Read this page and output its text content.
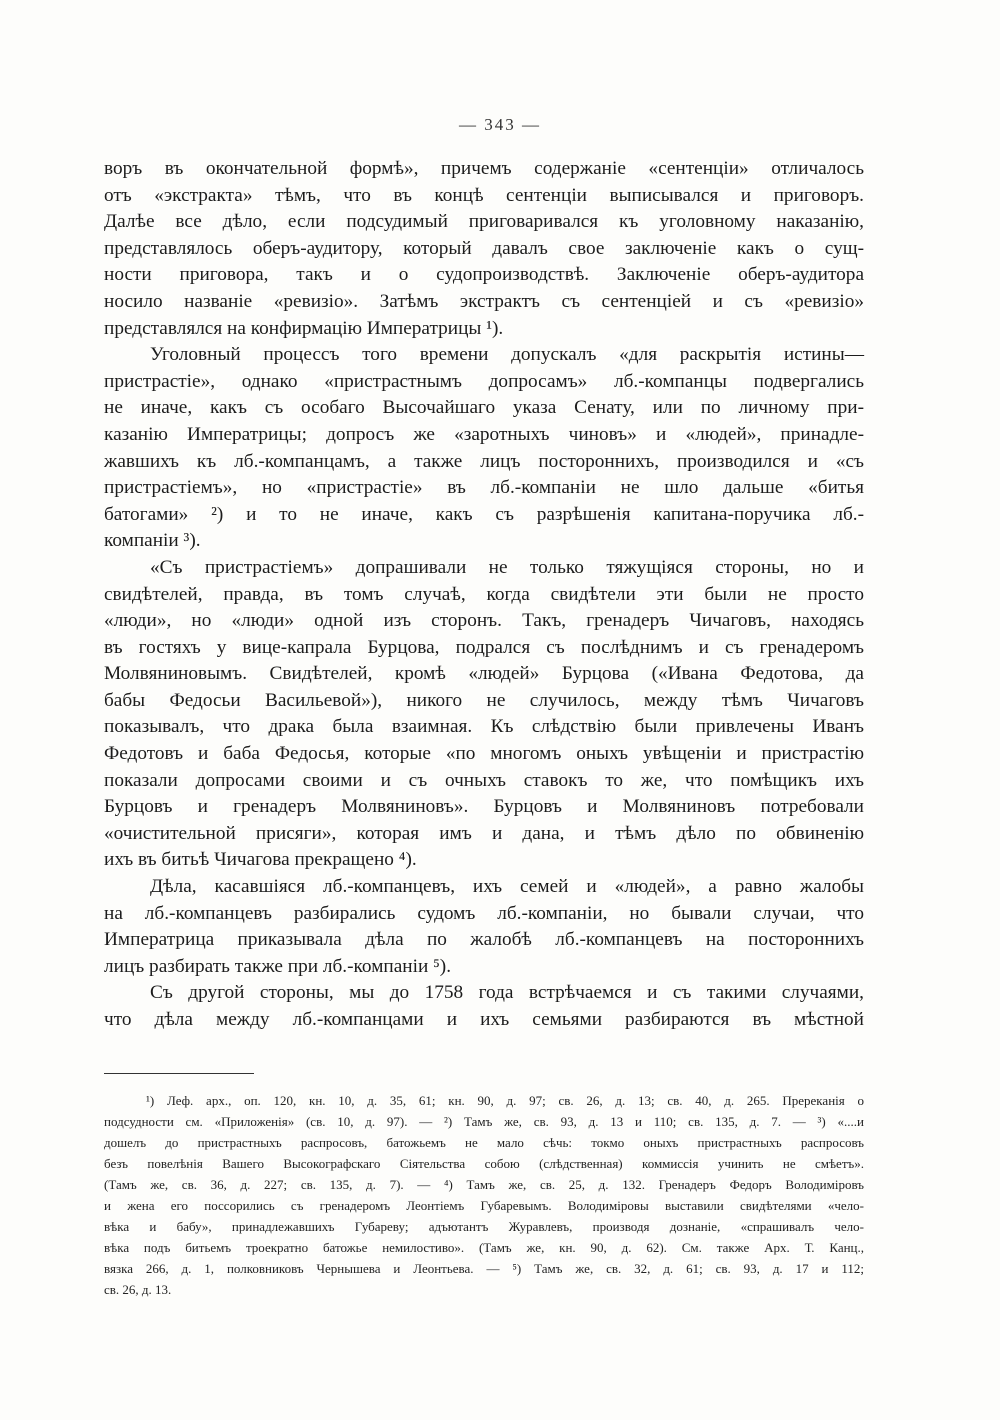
— 343 —

воръ въ окончательной формѣ», причемъ содержаніе «сентенціи» отличалось
отъ «экстракта» тѣмъ, что въ концѣ сентенціи выписывался и приговоръ.
Далѣе все дѣло, если подсудимый приговаривался къ уголовному наказанію,
представлялось оберъ-аудитору, который давалъ свое заключеніе какъ о сущ-
ности приговора, такъ и о судопроизводствѣ. Заключеніе оберъ-аудитора
носило названіе «ревизіо». Затѣмъ экстрактъ съ сентенціей и съ «ревизіо»
представлялся на конфирмацію Императрицы ¹).

Уголовный процессъ того времени допускалъ «для раскрытія истины—
пристрастіе», однако «пристрастнымъ допросамъ» лб.-компанцы подвергались
не иначе, какъ съ особаго Высочайшаго указа Сенату, или по личному при-
казанію Императрицы; допросъ же «заротныхъ чиновъ» и «людей», принадле-
жавшихъ къ лб.-компанцамъ, а также лицъ постороннихъ, производился и «съ
пристрастіемъ», но «пристрастіе» въ лб.-компаніи не шло дальше «битья
батогами» ²) и то не иначе, какъ съ разрѣшенія капитана-поручика лб.-
компаніи ³).

«Съ пристрастіемъ» допрашивали не только тяжущіяся стороны, но и
свидѣтелей, правда, въ томъ случаѣ, когда свидѣтели эти были не просто
«люди», но «люди» одной изъ сторонъ. Такъ, гренадеръ Чичаговъ, находясь
въ гостяхъ у вице-капрала Бурцова, подрался съ послѣднимъ и съ гренадеромъ
Молвяниновымъ. Свидѣтелей, кромѣ «людей» Бурцова («Ивана Федотова, да
бабы Федосьи Васильевой»), никого не случилось, между тѣмъ Чичаговъ
показывалъ, что драка была взаимная. Къ слѣдствію были привлечены Иванъ
Федотовъ и баба Федосья, которые «по многомъ оныхъ увѣщеніи и пристрастію
показали допросами своими и съ очныхъ ставокъ то же, что помѣщикъ ихъ
Бурцовъ и гренадеръ Молвяниновъ». Бурцовъ и Молвяниновъ потребовали
«очистительной присяги», которая имъ и дана, и тѣмъ дѣло по обвиненію
ихъ въ битьѣ Чичагова прекращено ⁴).

Дѣла, касавшіяся лб.-компанцевъ, ихъ семей и «людей», а равно жалобы
на лб.-компанцевъ разбирались судомъ лб.-компаніи, но бывали случаи, что
Императрица приказывала дѣла по жалобѣ лб.-компанцевъ на постороннихъ
лицъ разбирать также при лб.-компаніи ⁵).

Съ другой стороны, мы до 1758 года встрѣчаемся и съ такими случаями,
что дѣла между лб.-компанцами и ихъ семьями разбираются въ мѣстной

¹) Леф. арх., оп. 120, кн. 10, д. 35, 61; кн. 90, д. 97; св. 26, д. 13; св. 40, д. 265. Пререканія о
подсудности см. «Приложенія» (св. 10, д. 97). — ²) Тамъ же, св. 93, д. 13 и 110; св. 135, д. 7. — ³) «....и
дошелъ до пристрастныхъ распросовъ, батожьемъ не мало сѣчь: токмо оныхъ пристрастныхъ распросовъ
безъ повелѣнія Вашего Высокографскаго Сіятельства собою (слѣдственная) коммиссія учинить не смѣетъ».
(Тамъ же, св. 36, д. 227; св. 135, д. 7). — ⁴) Тамъ же, св. 25, д. 132. Гренадеръ Федоръ Володиміровъ
и жена его поссорились съ гренадеромъ Леонтіемъ Губаревымъ. Володиміровы выставили свидѣтелями «чело-
вѣка и бабу», принадлежавшихъ Губареву; адъютантъ Журавлевъ, производя дознаніе, «спрашивалъ чело-
вѣка подъ битьемъ троекратно батожье немилостиво». (Тамъ же, кн. 90, д. 62). См. также Арх. Т. Канц.,
вязка 266, д. 1, полковниковъ Чернышева и Леонтьева. — ⁵) Тамъ же, св. 32, д. 61; св. 93, д. 17 и 112;
св. 26, д. 13.
